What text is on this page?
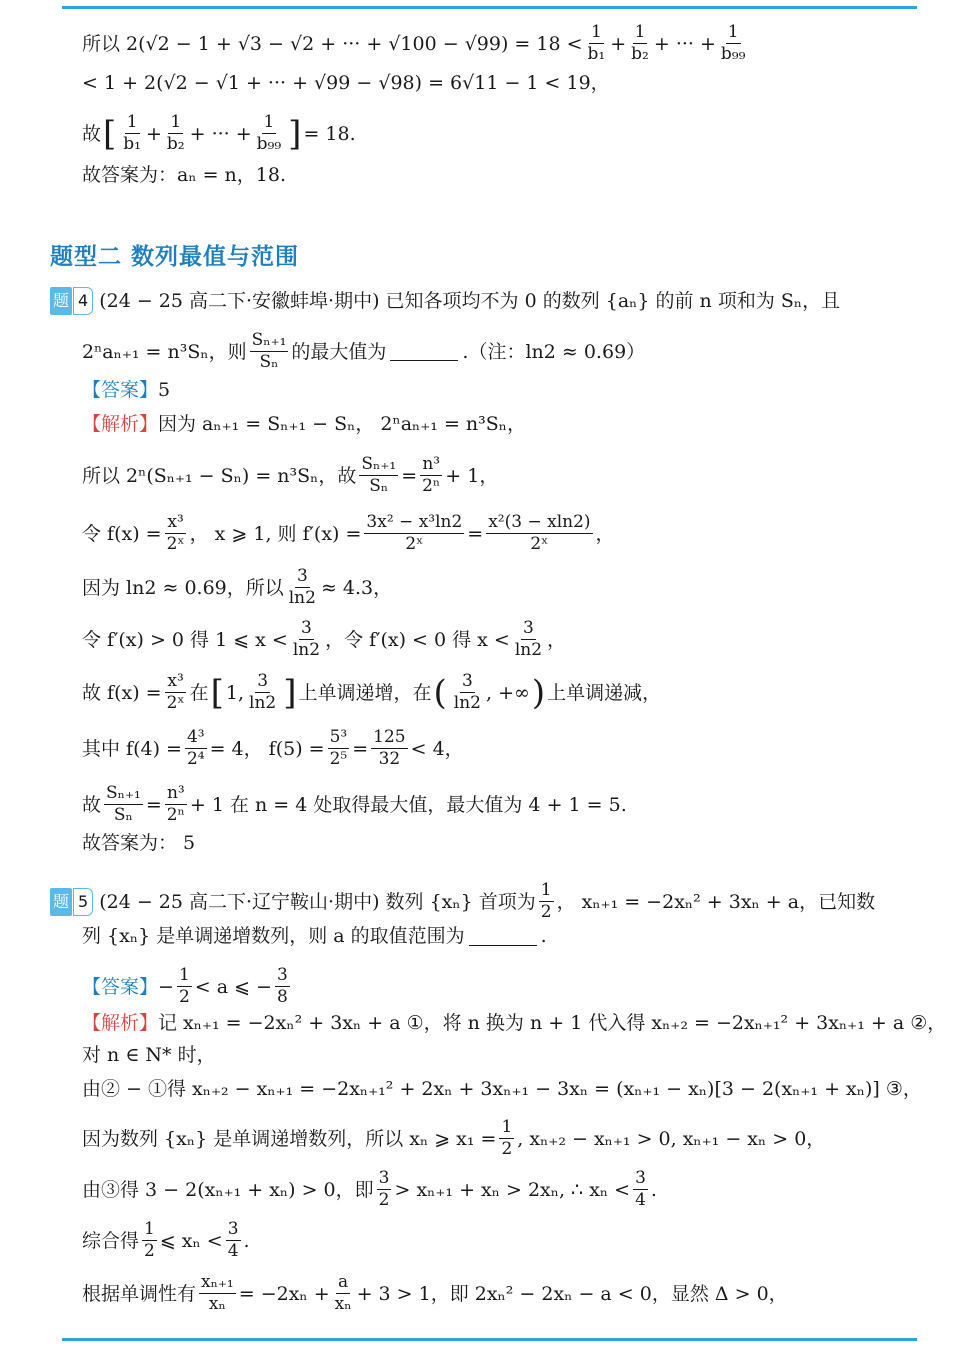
所以 2(√2 − 1 + √3 − √2 + ··· + $√100 - √99) = 18 < \frac{1}{\text{b₁}} + \frac{1}{\text{b₂}}$ + ··· + $\frac{1}{\text{b₉₉}}$
< 1 + 2(√2 − √1 + ··· + √99 − √98) = 6√11 − 1 < 19，
故 [ $\frac{1}{\text{b₁}} + \frac{1}{\text{b₂}}$ + ··· + $\frac{1}{\text{b₉₉}}$ ] = 18.
故答案为：aₙ = n，18.
题型二 数列最值与范围
题 4 (24 − 25 高二下·安徽蚌埠·期中) 已知各项均不为 0 的数列 {aₙ} 的前 n 项和为 Sₙ，且
2ⁿaₙ₊₁ = n³Sₙ，则 $\frac{\text{Sₙ₊₁}}{\text{Sₙ}}$ 的最大值为	.（注：ln2 ≈ 0.69）
【答案】 5
【解析】 因为 aₙ₊₁ = Sₙ₊₁ − Sₙ， 2ⁿaₙ₊₁ = n³Sₙ，
所以 2ⁿ(Sₙ₊₁ − Sₙ) = n³Sₙ，故 $\frac{\text{Sₙ₊₁}}{\text{Sₙ}} = \frac{\text{n³}}{\text{2ⁿ}} + 1$，
令 $f(x) = \frac{\text{x³}}{\text{2ˣ}}$ ， x ⩾ 1, 则 $f'(x) = \frac{\text{3x² − x³ln2}}{\text{2ˣ}} = \frac{\text{x²(3 − xln2)}}{\text{2ˣ}}$ ，
因为 ln2 ≈ 0.69，所以 $\frac{3}{\ln 2} \approx 4.3$，
令 f′(x) > 0 得 1 ⩽ $x < \frac{3}{\ln 2}$ ，令 f′(x) < 0 得 $x < \frac{3}{\ln 2}$ ，
故 $f(x) = \frac{\text{x³}}{\text{2ˣ}}$ 在 [ 1, $\frac{3}{\ln 2}$ ] 上单调递增，在 ( $\frac{3}{\ln 2}$ , +∞ ) 上单调递减，
其中 $f(4) = \frac{\text{4³}}{\text{2⁴}} = 4$， $f(5) = \frac{\text{5³}}{\text{2⁵}} = \frac{125}{32} < 4$，
故 $\frac{\text{Sₙ₊₁}}{\text{Sₙ}} = \frac{\text{n³}}{\text{2ⁿ}} + 1$ 在 n = 4 处取得最大值，最大值为 4 + 1 = 5.
故答案为： 5
题 5 (24 − 25 高二下·辽宁鞍山·期中) 数列 {xₙ} 首项为 $\frac{1}{2}$ ， xₙ₊₁ = −2xₙ² + 3xₙ + a，已知数
列 {xₙ} 是单调递增数列，则 a 的取值范围为	.
【答案】 − $\frac{1}{2} < a$ ⩽ − $\frac{3}{8}$
【解析】 记 xₙ₊₁ = −2xₙ² + 3xₙ + a ①，将 n 换为 n + 1 代入得 xₙ₊₂ = −2xₙ₊₁² + 3xₙ₊₁ + a ②，
对 n ∈ N* 时，
由② − ①得 xₙ₊₂ − xₙ₊₁ = −2xₙ₊₁² + 2xₙ + 3xₙ₊₁ − 3xₙ = (xₙ₊₁ − xₙ)[3 − 2(xₙ₊₁ + xₙ)] ③，
因为数列 {xₙ} 是单调递增数列，所以 xₙ ⩾ $x_1 = \frac{1}{2}$ , xₙ₊₂ − xₙ₊₁ > 0, xₙ₊₁ − xₙ > 0，
由③得 3 − 2(xₙ₊₁ + xₙ) > 0，即 $\frac{3}{2} > x_{n+1} + x_n > 2x_n$, ∴ $x_n < \frac{3}{4}$ .
综合得 $\frac{1}{2}$ ⩽ $x_n < \frac{3}{4}$ .
根据单调性有 $\frac{\text{xₙ₊₁}}{\text{xₙ}} = -2x_n + \frac{a}{\text{xₙ}} + 3 > 1$，即 2xₙ² − 2xₙ − a < 0，显然 Δ > 0，
